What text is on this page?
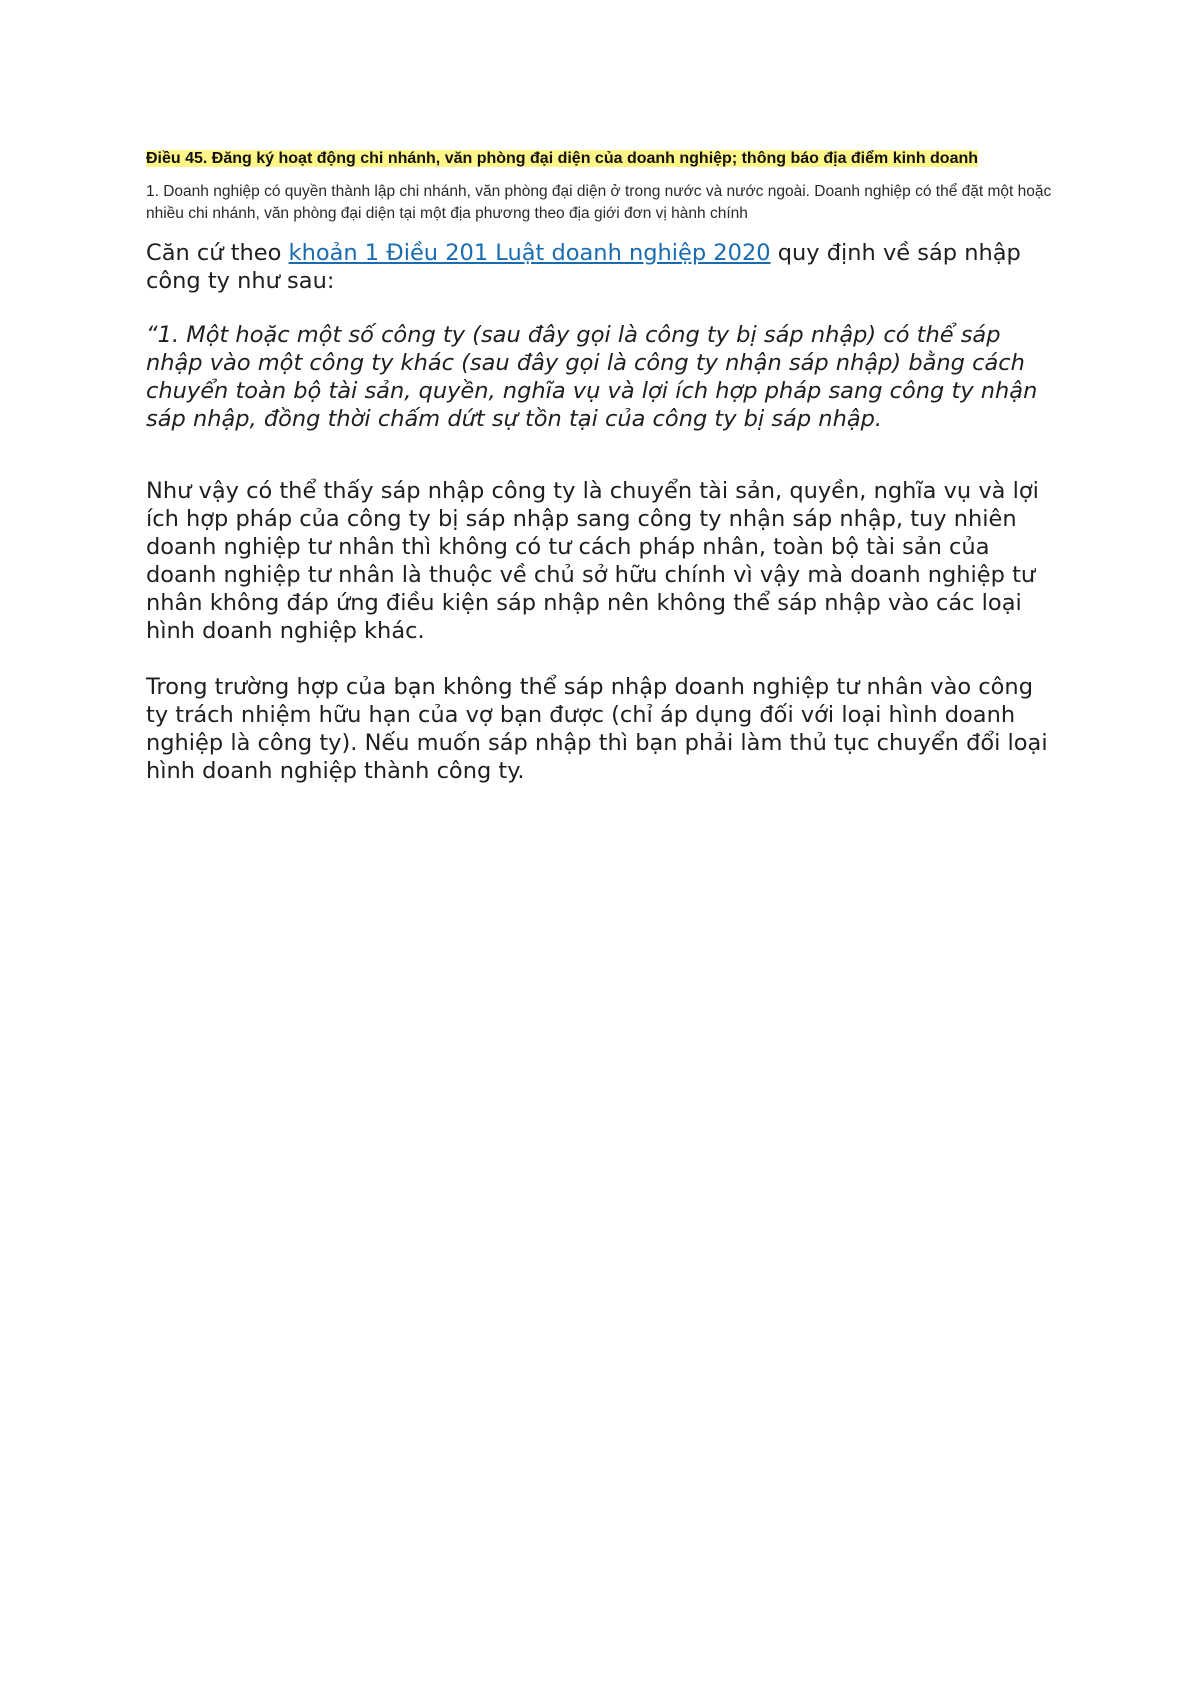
Điều 45. Đăng ký hoạt động chi nhánh, văn phòng đại diện của doanh nghiệp; thông báo địa điểm kinh doanh

1. Doanh nghiệp có quyền thành lập chi nhánh, văn phòng đại diện ở trong nước và nước ngoài. Doanh nghiệp có thể đặt một hoặc nhiều chi nhánh, văn phòng đại diện tại một địa phương theo địa giới đơn vị hành chính

Căn cứ theo khoản 1 Điều 201 Luật doanh nghiệp 2020 quy định về sáp nhập công ty như sau:

“1. Một hoặc một số công ty (sau đây gọi là công ty bị sáp nhập) có thể sáp nhập vào một công ty khác (sau đây gọi là công ty nhận sáp nhập) bằng cách chuyển toàn bộ tài sản, quyền, nghĩa vụ và lợi ích hợp pháp sang công ty nhận sáp nhập, đồng thời chấm dứt sự tồn tại của công ty bị sáp nhập.

Như vậy có thể thấy sáp nhập công ty là chuyển tài sản, quyền, nghĩa vụ và lợi ích hợp pháp của công ty bị sáp nhập sang công ty nhận sáp nhập, tuy nhiên doanh nghiệp tư nhân thì không có tư cách pháp nhân, toàn bộ tài sản của doanh nghiệp tư nhân là thuộc về chủ sở hữu chính vì vậy mà doanh nghiệp tư nhân không đáp ứng điều kiện sáp nhập nên không thể sáp nhập vào các loại hình doanh nghiệp khác.

Trong trường hợp của bạn không thể sáp nhập doanh nghiệp tư nhân vào công ty trách nhiệm hữu hạn của vợ bạn được (chỉ áp dụng đối với loại hình doanh nghiệp là công ty). Nếu muốn sáp nhập thì bạn phải làm thủ tục chuyển đổi loại hình doanh nghiệp thành công ty.
